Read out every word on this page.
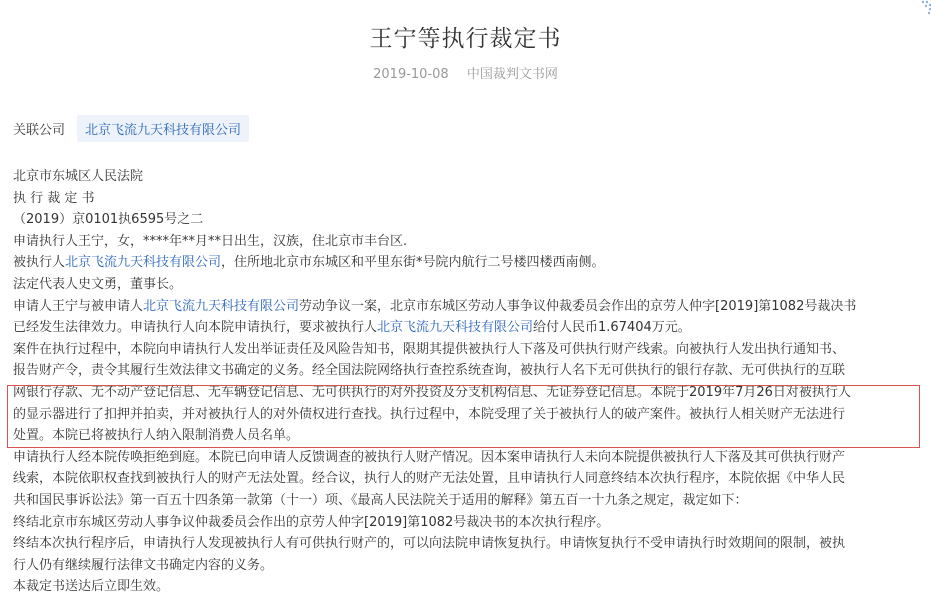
王宁等执行裁定书
2019-10-08 中国裁判文书网
关联公司	北京飞流九天科技有限公司

北京市东城区人民法院

执 行 裁 定 书

（2019）京0101执6595号之二

申请执行人王宁，女，****年**月**日出生，汉族，住北京市丰台区.

被执行人北京飞流九天科技有限公司，住所地北京市东城区和平里东街*号院内航行二号楼四楼西南侧。

法定代表人史文勇，董事长。

申请人王宁与被申请人北京飞流九天科技有限公司劳动争议一案，北京市东城区劳动人事争议仲裁委员会作出的京劳人仲字[2019]第1082号裁决书

已经发生法律效力。申请执行人向本院申请执行，要求被执行人北京飞流九天科技有限公司给付人民币1.67404万元。

案件在执行过程中，本院向申请执行人发出举证责任及风险告知书，限期其提供被执行人下落及可供执行财产线索。向被执行人发出执行通知书、

报告财产令，责令其履行生效法律文书确定的义务。经全国法院网络执行查控系统查询，被执行人名下无可供执行的银行存款、无可供执行的互联

网银行存款、无不动产登记信息、无车辆登记信息、无可供执行的对外投资及分支机构信息、无证券登记信息。本院于2019年7月26日对被执行人

的显示器进行了扣押并拍卖，并对被执行人的对外债权进行查找。执行过程中，本院受理了关于被执行人的破产案件。被执行人相关财产无法进行

处置。本院已将被执行人纳入限制消费人员名单。

申请执行人经本院传唤拒绝到庭。本院已向申请人反馈调查的被执行人财产情况。因本案申请执行人未向本院提供被执行人下落及其可供执行财产

线索，本院依职权查找到被执行人的财产无法处置。经合议，执行人的财产无法处置，且申请执行人同意终结本次执行程序，本院依据《中华人民

共和国民事诉讼法》第一百五十四条第一款第（十一）项、《最高人民法院关于适用的解释》第五百一十九条之规定，裁定如下：

终结北京市东城区劳动人事争议仲裁委员会作出的京劳人仲字[2019]第1082号裁决书的本次执行程序。

终结本次执行程序后，申请执行人发现被执行人有可供执行财产的，可以向法院申请恢复执行。申请恢复执行不受申请执行时效期间的限制，被执

行人仍有继续履行法律文书确定内容的义务。

本裁定书送达后立即生效。
